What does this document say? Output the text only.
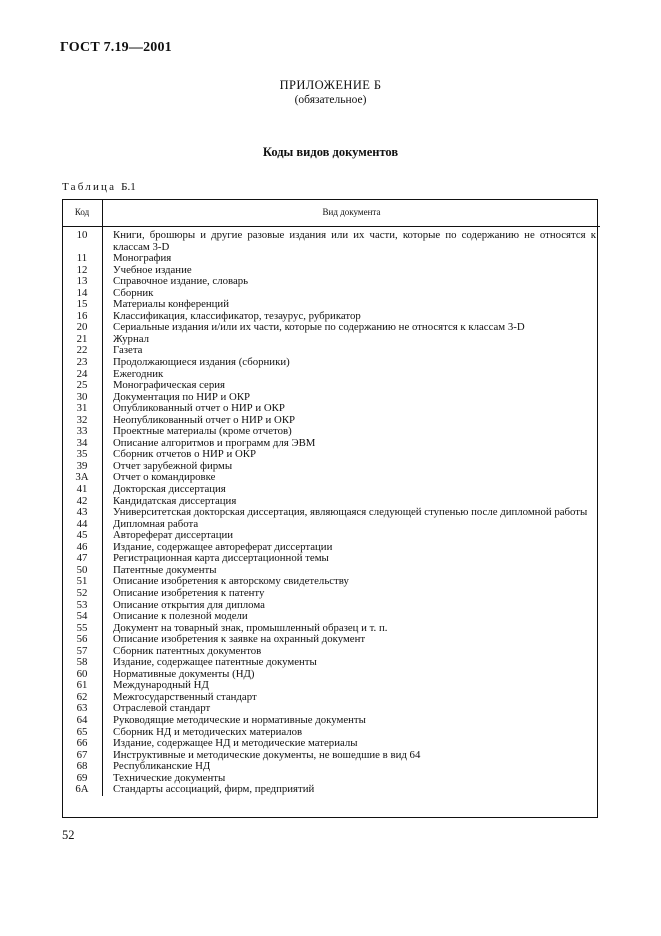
ГОСТ 7.19—2001
ПРИЛОЖЕНИЕ Б
(обязательное)
Коды видов документов
Таблица Б.1
Код	Вид документа
10	Книги, брошюры и другие разовые издания или их части, которые по содержанию не относятся к классам 3-D
11	Монография
12	Учебное издание
13	Справочное издание, словарь
14	Сборник
15	Материалы конференций
16	Классификация, классификатор, тезаурус, рубрикатор
20	Сериальные издания и/или их части, которые по содержанию не относятся к классам 3-D
21	Журнал
22	Газета
23	Продолжающиеся издания (сборники)
24	Ежегодник
25	Монографическая серия
30	Документация по НИР и ОКР
31	Опубликованный отчет о НИР и ОКР
32	Неопубликованный отчет о НИР и ОКР
33	Проектные материалы (кроме отчетов)
34	Описание алгоритмов и программ для ЭВМ
35	Сборник отчетов о НИР и ОКР
39	Отчет зарубежной фирмы
3А	Отчет о командировке
41	Докторская диссертация
42	Кандидатская диссертация
43	Университетская докторская диссертация, являющаяся следующей ступенью после дипломной работы
44	Дипломная работа
45	Автореферат диссертации
46	Издание, содержащее автореферат диссертации
47	Регистрационная карта диссертационной темы
50	Патентные документы
51	Описание изобретения к авторскому свидетельству
52	Описание изобретения к патенту
53	Описание открытия для диплома
54	Описание к полезной модели
55	Документ на товарный знак, промышленный образец и т. п.
56	Описание изобретения к заявке на охранный документ
57	Сборник патентных документов
58	Издание, содержащее патентные документы
60	Нормативные документы (НД)
61	Международный НД
62	Межгосударственный стандарт
63	Отраслевой стандарт
64	Руководящие методические и нормативные документы
65	Сборник НД и методических материалов
66	Издание, содержащее НД и методические материалы
67	Инструктивные и методические документы, не вошедшие в вид 64
68	Республиканские НД
69	Технические документы
6А	Стандарты ассоциаций, фирм, предприятий
52
